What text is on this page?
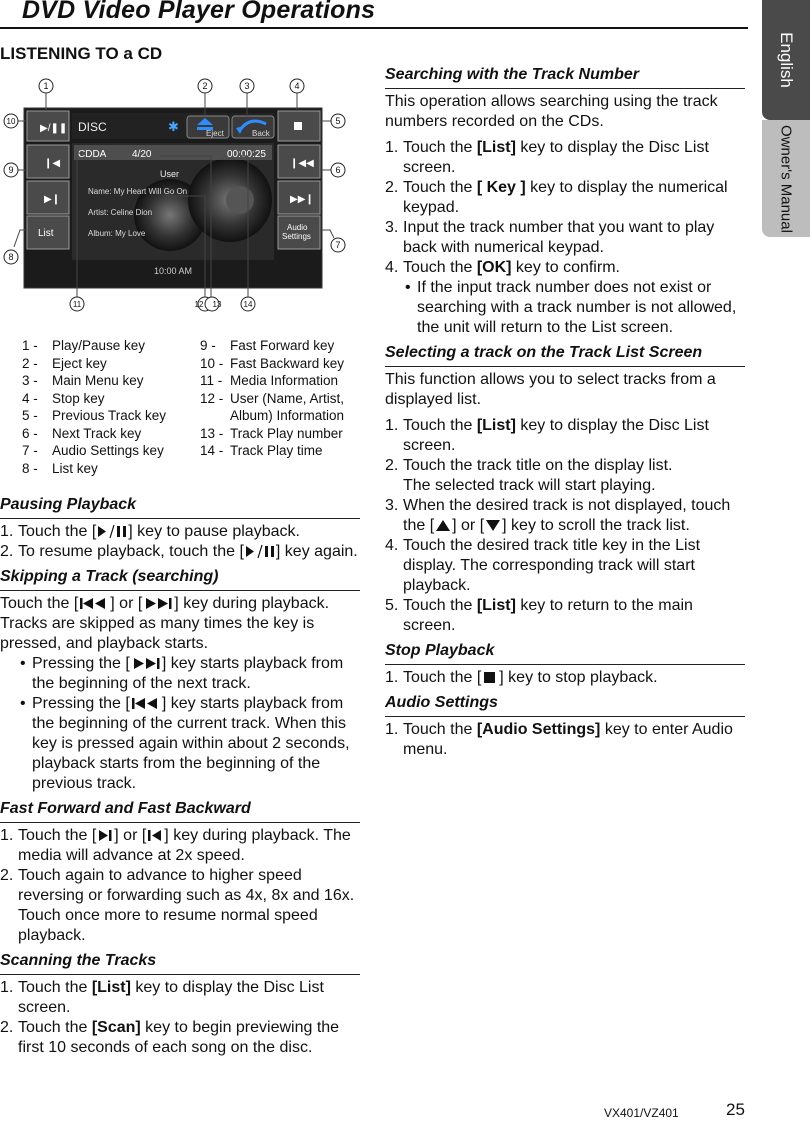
DVD Video Player Operations
English
Owner's Manual
LISTENING TO a CD
DISC	✱	Eject	Back
▶/❚❚
❙◀
▶❙
List
❙◀◀
▶▶❙
Audio
Settings
CDDA	4/20	00:00:25
User
Name: My Heart Will Go On
Artist: Celine Dion
Album: My Love
10:00 AM
1	2	3	4
10	5
9	6
8
7
11	12 13	14
1 - Play/Pause key
2 - Eject key
3 - Main Menu key
4 - Stop key
5 - Previous Track key
6 - Next Track key
7 - Audio Settings key
8 - List key
9 - Fast Forward key
10 - Fast Backward key
11 - Media Information
12 - User (Name, Artist,
Album) Information
13 - Track Play number
14 - Track Play time
Pausing Playback
1. Touch the [ ] key to pause playback.
2. To resume playback, touch the [ ] key again.
Skipping a Track (searching)

Touch the [ ] or [ ] key during playback. Tracks are skipped as many times the key is pressed, and playback starts.

• Pressing the [ ] key starts playback from the beginning of the next track.
• Pressing the [ ] key starts playback from the beginning of the current track. When this key is pressed again within about 2 seconds, playback starts from the beginning of the previous track.
Fast Forward and Fast Backward
1. Touch the [ ] or [ ] key during playback. The media will advance at 2x speed.
2. Touch again to advance to higher speed reversing or forwarding such as 4x, 8x and 16x. Touch once more to resume normal speed playback.
Scanning the Tracks
1. Touch the [List] key to display the Disc List screen.
2. Touch the [Scan] key to begin previewing the first 10 seconds of each song on the disc.
Searching with the Track Number

This operation allows searching using the track numbers recorded on the CDs.

1. Touch the [List] key to display the Disc List screen.
2. Touch the [ Key ] key to display the numerical keypad.
3. Input the track number that you want to play back with numerical keypad.
4. Touch the [OK] key to confirm.
• If the input track number does not exist or searching with a track number is not allowed, the unit will return to the List screen.
Selecting a track on the Track List Screen

This function allows you to select tracks from a displayed list.

1. Touch the [List] key to display the Disc List screen.
2. Touch the track title on the display list.
The selected track will start playing.
3. When the desired track is not displayed, touch the [ ] or [ ] key to scroll the track list.
4. Touch the desired track title key in the List display. The corresponding track will start playback.
5. Touch the [List] key to return to the main screen.
Stop Playback
1. Touch the [ ] key to stop playback.
Audio Settings
1. Touch the [Audio Settings] key to enter Audio menu.
VX401/VZ401	25
